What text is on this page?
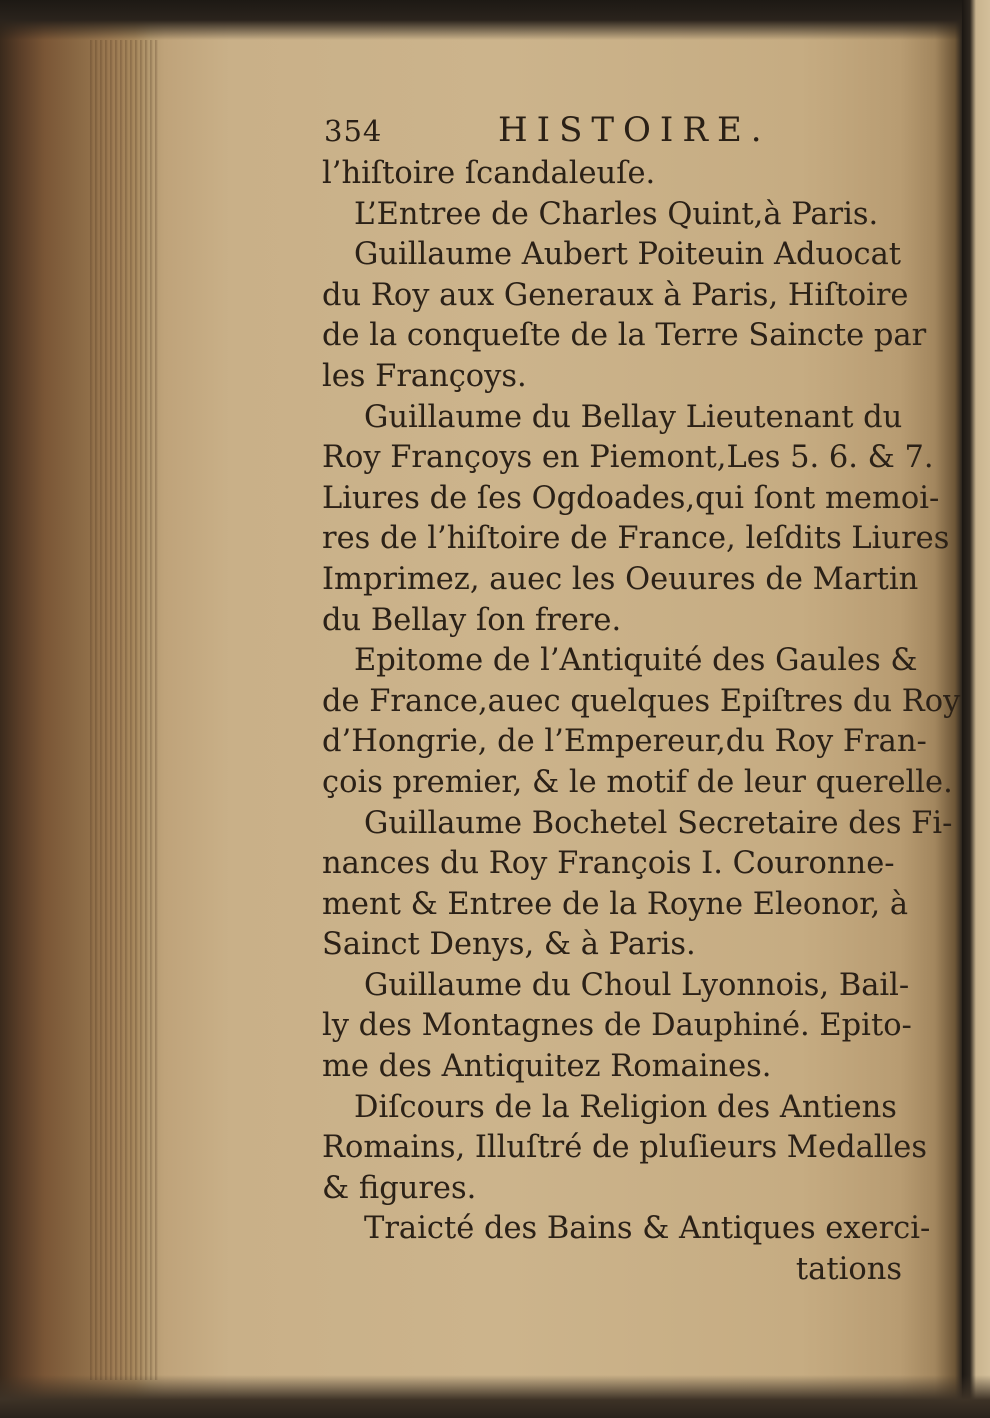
354	HISTOIRE.
l’hiſtoire ſcandaleuſe.
L’Entree de Charles Quint,à Paris.
Guillaume Aubert Poiteuin Aduocat
du Roy aux Generaux à Paris, Hiſtoire
de la conqueſte de la Terre Saincte par
les Françoys.
Guillaume du Bellay Lieutenant du
Roy Françoys en Piemont,Les 5. 6. & 7.
Liures de ſes Ogdoades,qui ſont memoi-
res de l’hiſtoire de France, leſdits Liures
Imprimez, auec les Oeuures de Martin
du Bellay ſon frere.
Epitome de l’Antiquité des Gaules &
de France,auec quelques Epiſtres du Roy
d’Hongrie, de l’Empereur,du Roy Fran-
çois premier, & le motif de leur querelle.
Guillaume Bochetel Secretaire des Fi-
nances du Roy François I. Couronne-
ment & Entree de la Royne Eleonor, à
Sainct Denys, & à Paris.
Guillaume du Choul Lyonnois, Bail-
ly des Montagnes de Dauphiné. Epito-
me des Antiquitez Romaines.
Diſcours de la Religion des Antiens
Romains, Illuſtré de pluſieurs Medalles
& figures.
Traicté des Bains & Antiques exerci-
tations
